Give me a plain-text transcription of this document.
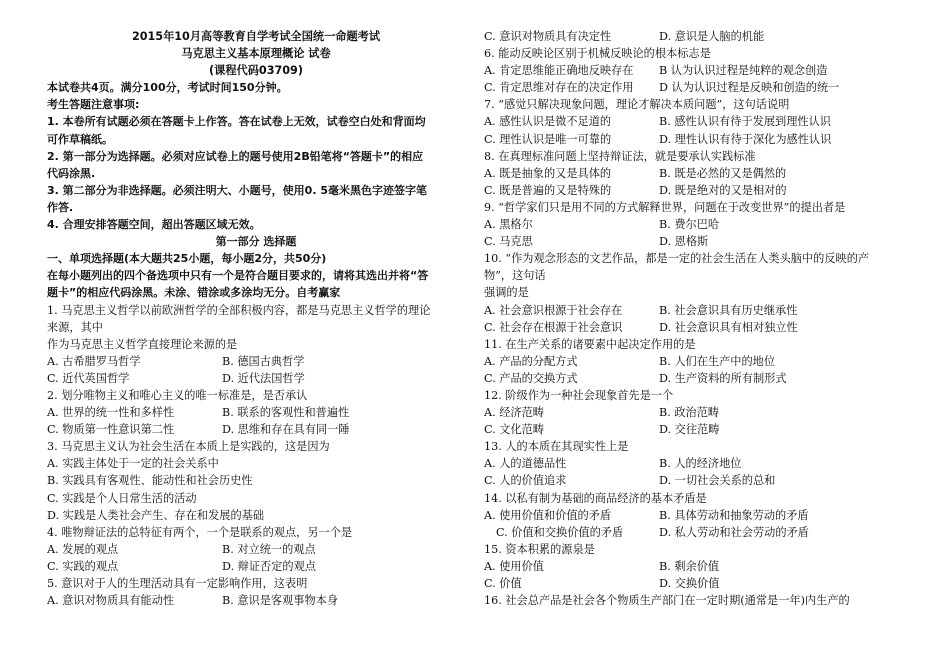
2015年10月高等教育自学考试全国统一命题考试
马克思主义基本原理概论 试卷
(课程代码03709)
本试卷共4页。满分100分，考试时间150分钟。
考生答题注意事项:
1. 本卷所有试题必须在答题卡上作答。答在试卷上无效，试卷空白处和背面均
可作草稿纸。
2. 第一部分为选择题。必须对应试卷上的题号使用2B铅笔将“答题卡”的相应
代码涂黑.
3. 第二部分为非选择题。必须注明大、小题号，使用0. 5毫米黑色字迹签字笔
作答.
4. 合理安排答题空间，超出答题区域无效。
第一部分 选择题
一、单项选择题(本大题共25小题，每小题2分，共50分)
在每小题列出的四个备选项中只有一个是符合题目要求的，请将其选出并将“答
题卡”的相应代码涂黑。未涂、错涂或多涂均无分。自考赢家
1. 马克思主义哲学以前欧洲哲学的全部积极内容，都是马克思主义哲学的理论
来源，其中
作为马克思主义哲学直接理论来源的是
A. 古希腊罗马哲学	B. 德国古典哲学
C. 近代英国哲学	D. 近代法国哲学
2. 划分唯物主义和唯心主义的唯一标准是，是否承认
A. 世界的统一性和多样性	B. 联系的客观性和普遍性
C. 物质第一性意识第二性	D. 思维和存在具有同一陲
3. 马克思主义认为社会生活在本质上是实践的，这是因为
A. 实践主体处于一定的社会关系中
B. 实践具有客观性、能动性和社会历史性
C. 实践是个人日常生活的活动
D. 实践是人类社会产生、存在和发展的基础
4. 唯物辩证法的总特征有两个，一个是联系的观点，另一个是
A. 发展的观点	B. 对立统一的观点
C. 实践的观点	D. 辩证否定的观点
5. 意识对于人的生理活动具有一定影响作用，这表明
A. 意识对物质具有能动性	B. 意识是客观事物本身
C. 意识对物质具有决定性	D. 意识是人脑的机能
6. 能动反映论区别于机械反映论的根本标志是
A. 肯定思维能正确地反映存在	B 认为认识过程是纯粹的观念创造
C. 肯定思维对存在的决定作用	D 认为认识过程是反映和创造的统一
7. “感觉只解决现象问题，理论才解决本质问题”，这句话说明
A. 感性认识是微不足道的	B. 感性认识有待于发展到理性认识
C. 理性认识是唯一可靠的	D. 理性认识有待于深化为感性认识
8. 在真理标准问题上坚持辩证法，就是要承认实践标准
A. 既是抽象的又是具体的	B. 既是必然的又是偶然的
C. 既是普遍的又是特殊的	D. 既是绝对的又是相对的
9. “哲学家们只是用不同的方式解释世界，问题在于改变世界”的提出者是
A. 黑格尔	B. 费尔巴哈
C. 马克思	D. 恩格斯
10. “作为观念形态的文艺作品，都是一定的社会生活在人类头脑中的反映的产
物”，这句话
强调的是
A. 社会意识根源于社会存在	B. 社会意识具有历史继承性
C. 社会存在根源于社会意识	D. 社会意识具有相对独立性
11. 在生产关系的诸要素中起决定作用的是
A. 产品的分配方式	B. 人们在生产中的地位
C. 产品的交换方式	D. 生产资料的所有制形式
12. 阶级作为一种社会现象首先是一个
A. 经济范畴	B. 政治范畴
C. 文化范畴	D. 交往范畴
13. 人的本质在其现实性上是
A. 人的道德品性	B. 人的经济地位
C. 人的价值追求	D. 一切社会关系的总和
14. 以私有制为基础的商品经济的基本矛盾是
A. 使用价值和价值的矛盾	B. 具体劳动和抽象劳动的矛盾
C. 价值和交换价值的矛盾	D. 私人劳动和社会劳动的矛盾
15. 资本积累的源泉是
A. 使用价值	B. 剩余价值
C. 价值	D. 交换价值
16. 社会总产品是社会各个物质生产部门在一定时期(通常是一年)内生产的
